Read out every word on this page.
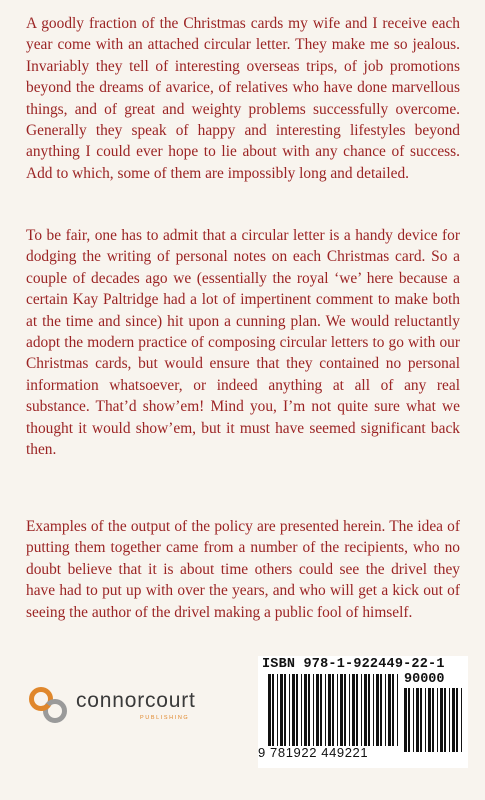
A goodly fraction of the Christmas cards my wife and I receive each year come with an attached circular letter. They make me so jealous. Invariably they tell of interesting overseas trips, of job promotions beyond the dreams of avarice, of relatives who have done marvellous things, and of great and weighty problems successfully overcome. Generally they speak of happy and interesting lifestyles beyond anything I could ever hope to lie about with any chance of success. Add to which, some of them are impossibly long and detailed.

To be fair, one has to admit that a circular letter is a handy device for dodging the writing of personal notes on each Christmas card. So a couple of decades ago we (essentially the royal ‘we’ here because a certain Kay Paltridge had a lot of impertinent comment to make both at the time and since) hit upon a cunning plan. We would reluctantly adopt the modern practice of composing circular letters to go with our Christmas cards, but would ensure that they contained no personal information whatsoever, or indeed anything at all of any real substance. That’d show’em! Mind you, I’m not quite sure what we thought it would show’em, but it must have seemed significant back then.

Examples of the output of the policy are presented herein. The idea of putting them together came from a number of the recipients, who no doubt believe that it is about time others could see the drivel they have had to put up with over the years, and who will get a kick out of seeing the author of the drivel making a public fool of himself.

connorcourt
PUBLISHING
ISBN 978-1-922449-22-1
90000
9 781922 449221
